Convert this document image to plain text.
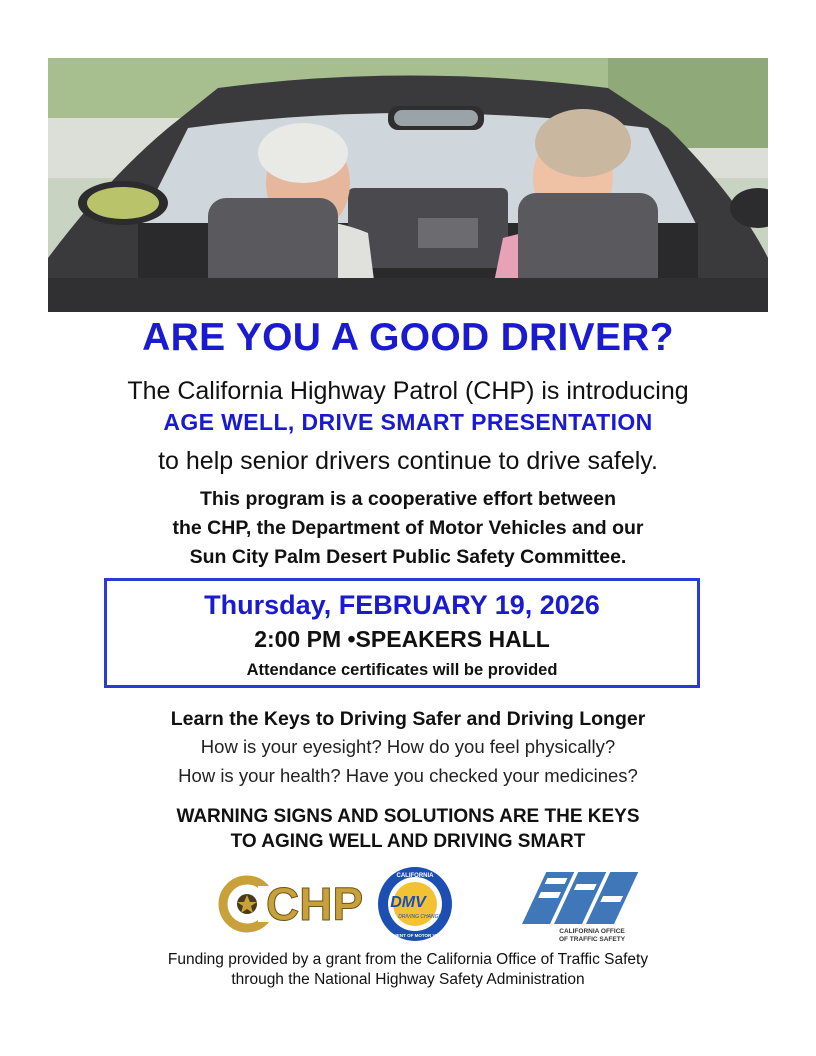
ARE YOU A GOOD DRIVER?
The California Highway Patrol (CHP) is introducing
AGE WELL, DRIVE SMART PRESENTATION
to help senior drivers continue to drive safely.
This program is a cooperative effort between
the CHP, the Department of Motor Vehicles and our
Sun City Palm Desert Public Safety Committee.
Thursday, FEBRUARY 19, 2026
2:00 PM •SPEAKERS HALL
Attendance certificates will be provided
Learn the Keys to Driving Safer and Driving Longer
How is your eyesight? How do you feel physically?
How is your health? Have you checked your medicines?
WARNING SIGNS AND SOLUTIONS ARE THE KEYS
TO AGING WELL AND DRIVING SMART
CHP
CALIFORNIA
DMV
DRIVING CHANGE
DEPARTMENT OF MOTOR VEHICLES
CALIFORNIA OFFICE
OF TRAFFIC SAFETY
Funding provided by a grant from the California Office of Traffic Safety
through the National Highway Safety Administration
